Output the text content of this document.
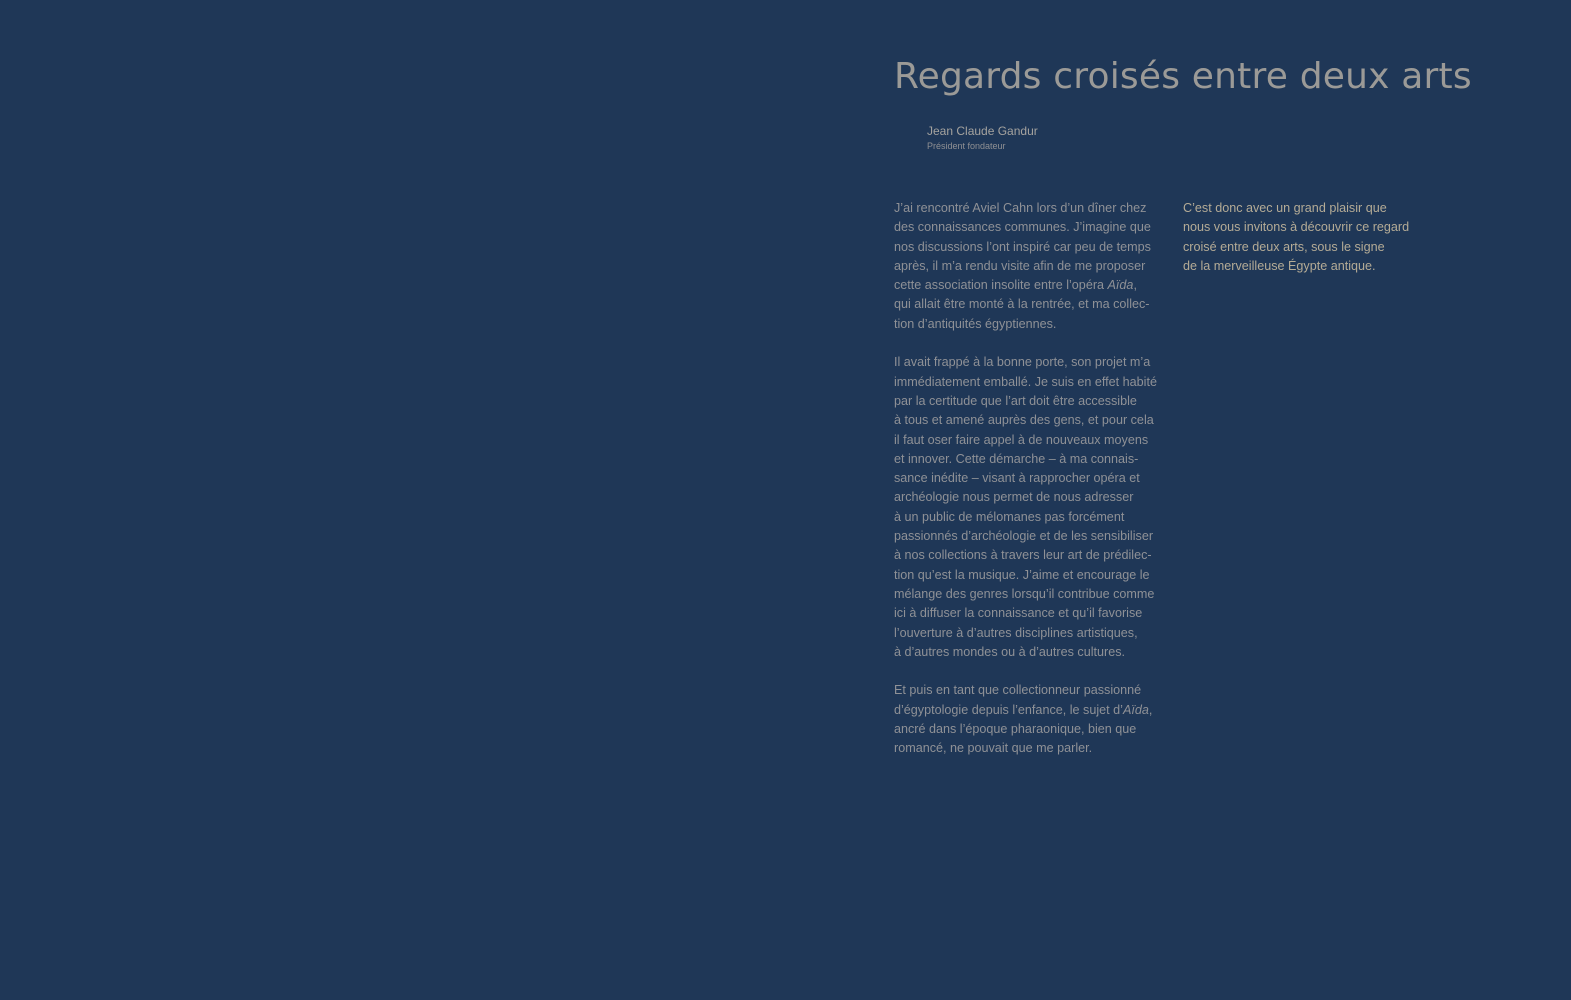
Regards croisés entre deux arts
Jean Claude Gandur
Président fondateur

J’ai rencontré Aviel Cahn lors d’un dîner chez
des connaissances communes. J’imagine que
nos discussions l’ont inspiré car peu de temps
après, il m’a rendu visite afin de me proposer
cette association insolite entre l’opéra Aïda,
qui allait être monté à la rentrée, et ma collec-
tion d’antiquités égyptiennes.

Il avait frappé à la bonne porte, son projet m’a
immédiatement emballé. Je suis en effet habité
par la certitude que l’art doit être accessible
à tous et amené auprès des gens, et pour cela
il faut oser faire appel à de nouveaux moyens
et innover. Cette démarche – à ma connais-
sance inédite – visant à rapprocher opéra et
archéologie nous permet de nous adresser
à un public de mélomanes pas forcément
passionnés d’archéologie et de les sensibiliser
à nos collections à travers leur art de prédilec-
tion qu’est la musique. J’aime et encourage le
mélange des genres lorsqu’il contribue comme
ici à diffuser la connaissance et qu’il favorise
l’ouverture à d’autres disciplines artistiques,
à d’autres mondes ou à d’autres cultures.

Et puis en tant que collectionneur passionné
d’égyptologie depuis l’enfance, le sujet d’Aïda,
ancré dans l’époque pharaonique, bien que
romancé, ne pouvait que me parler.

C’est donc avec un grand plaisir que
nous vous invitons à découvrir ce regard
croisé entre deux arts, sous le signe
de la merveilleuse Égypte antique.
